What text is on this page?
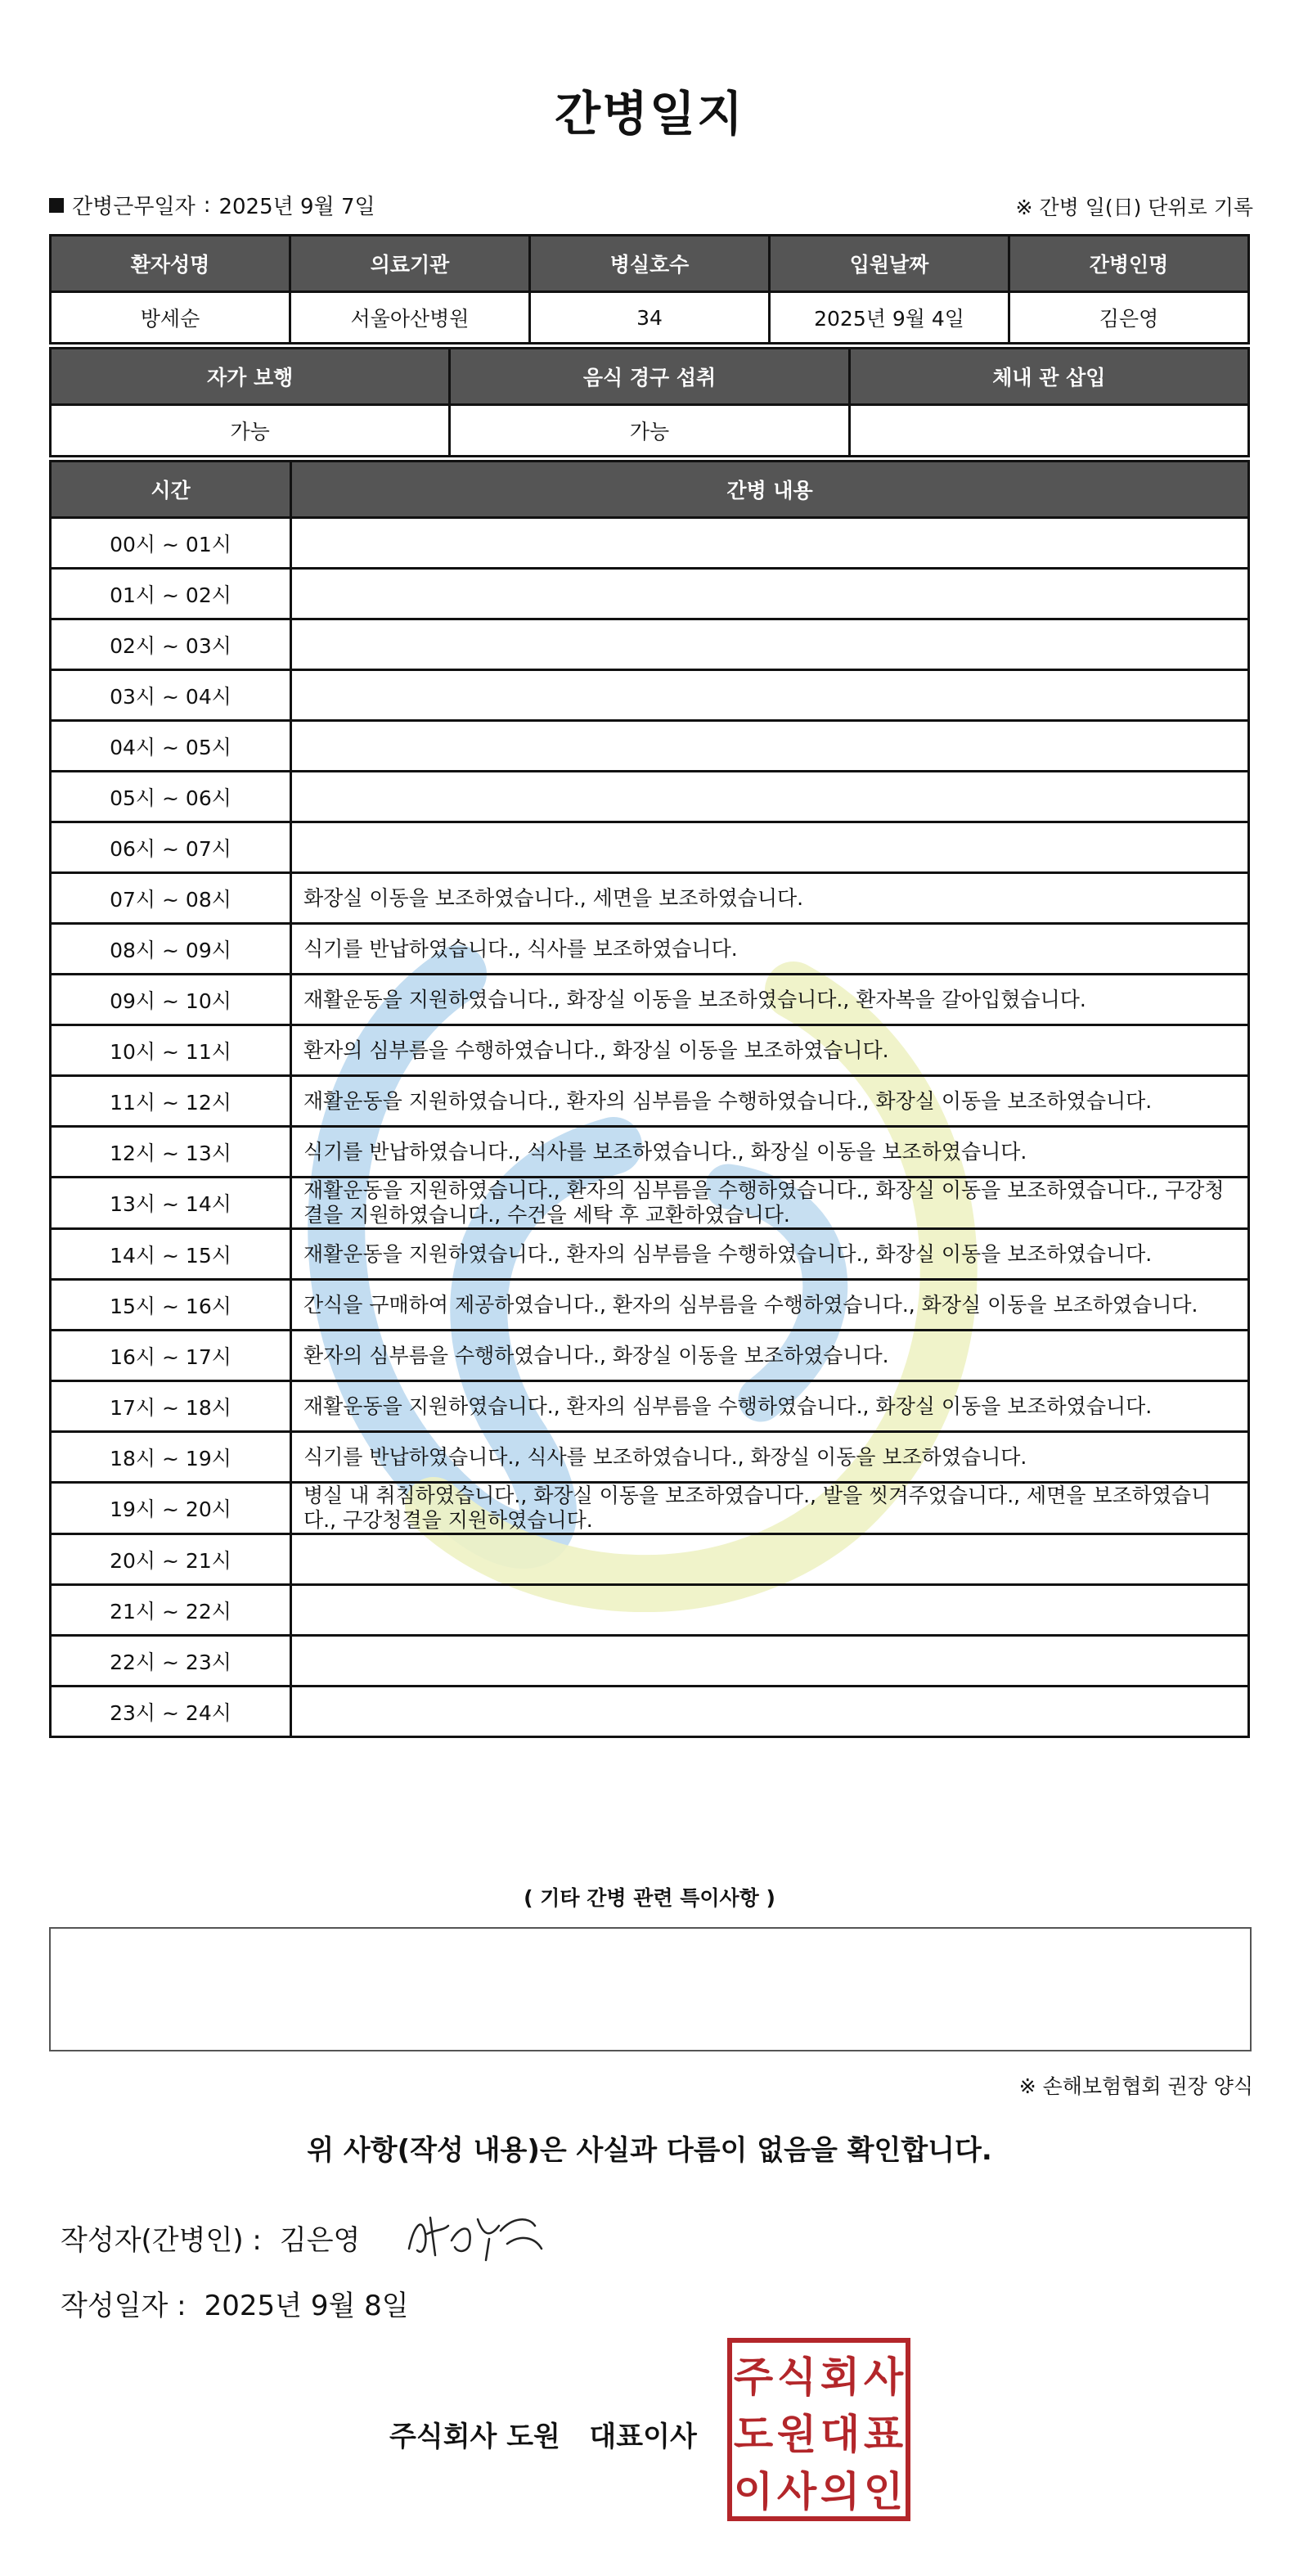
간병일지
간병근무일자 : 2025년 9월 7일	※ 간병 일(日) 단위로 기록
환자성명	의료기관	병실호수	입원날짜	간병인명
방세순	서울아산병원	34	2025년 9월 4일	김은영
자가 보행	음식 경구 섭취	체내 관 삽입
가능	가능	
시간	간병 내용
00시 ~ 01시	
01시 ~ 02시	
02시 ~ 03시	
03시 ~ 04시	
04시 ~ 05시	
05시 ~ 06시	
06시 ~ 07시	
07시 ~ 08시	화장실 이동을 보조하였습니다., 세면을 보조하였습니다.
08시 ~ 09시	식기를 반납하였습니다., 식사를 보조하였습니다.
09시 ~ 10시	재활운동을 지원하였습니다., 화장실 이동을 보조하였습니다., 환자복을 갈아입혔습니다.
10시 ~ 11시	환자의 심부름을 수행하였습니다., 화장실 이동을 보조하였습니다.
11시 ~ 12시	재활운동을 지원하였습니다., 환자의 심부름을 수행하였습니다., 화장실 이동을 보조하였습니다.
12시 ~ 13시	식기를 반납하였습니다., 식사를 보조하였습니다., 화장실 이동을 보조하였습니다.
13시 ~ 14시	재활운동을 지원하였습니다., 환자의 심부름을 수행하였습니다., 화장실 이동을 보조하였습니다., 구강청결을 지원하였습니다., 수건을 세탁 후 교환하였습니다.
14시 ~ 15시	재활운동을 지원하였습니다., 환자의 심부름을 수행하였습니다., 화장실 이동을 보조하였습니다.
15시 ~ 16시	간식을 구매하여 제공하였습니다., 환자의 심부름을 수행하였습니다., 화장실 이동을 보조하였습니다.
16시 ~ 17시	환자의 심부름을 수행하였습니다., 화장실 이동을 보조하였습니다.
17시 ~ 18시	재활운동을 지원하였습니다., 환자의 심부름을 수행하였습니다., 화장실 이동을 보조하였습니다.
18시 ~ 19시	식기를 반납하였습니다., 식사를 보조하였습니다., 화장실 이동을 보조하였습니다.
19시 ~ 20시	병실 내 취침하였습니다., 화장실 이동을 보조하였습니다., 발을 씻겨주었습니다., 세면을 보조하였습니다., 구강청결을 지원하였습니다.
20시 ~ 21시	
21시 ~ 22시	
22시 ~ 23시	
23시 ~ 24시	
( 기타 간병 관련 특이사항 )
※ 손해보험협회 권장 양식
위 사항(작성 내용)은 사실과 다름이 없음을 확인합니다.
작성자(간병인) : 김은영
작성일자 : 2025년 9월 8일
주식회사 도원   대표이사
주 식 회 사
도 원 대 표
이 사 의 인
